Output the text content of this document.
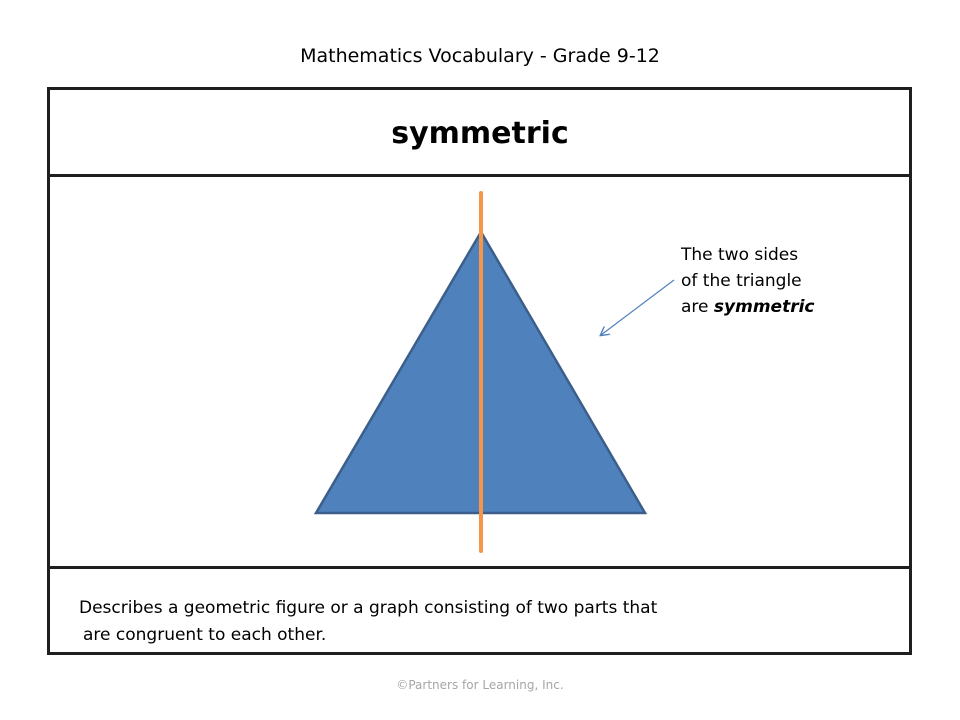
Mathematics Vocabulary - Grade 9-12
symmetric
The two sides
of the triangle
are symmetric
Describes a geometric figure or a graph consisting of two parts that
are congruent to each other.
©Partners for Learning, Inc.
